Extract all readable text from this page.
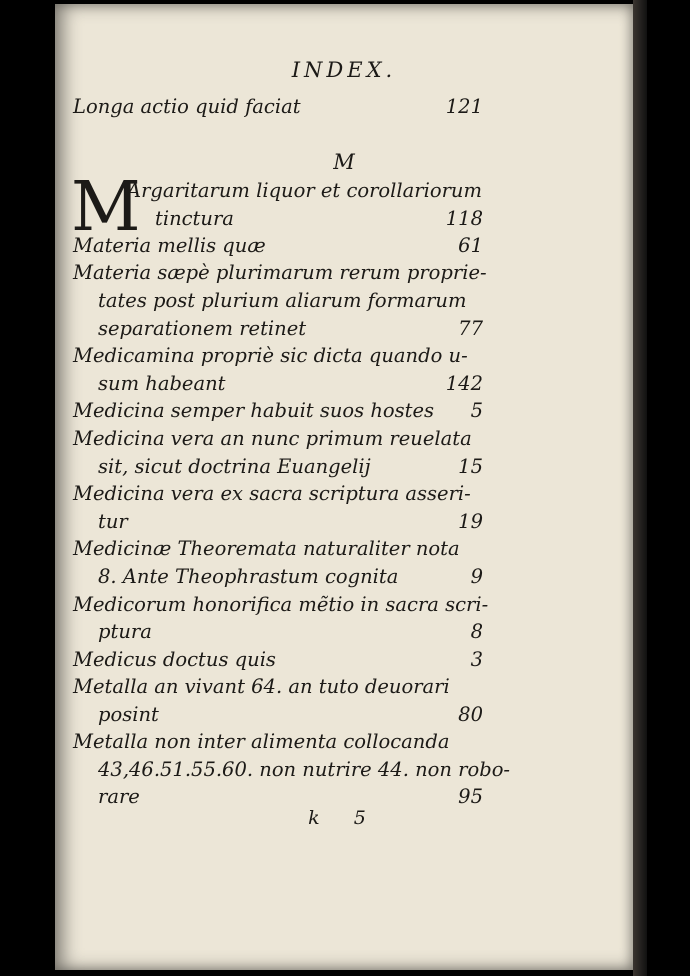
INDEX.
Longa actio quid faciat	121
M
M
Argaritarum liquor et corollariorum
tinctura	118
Materia mellis quæ	61
Materia sæpè plurimarum rerum proprie-
tates post plurium aliarum formarum
separationem retinet	77
Medicamina propriè sic dicta quando u-
sum habeant	142
Medicina semper habuit suos hostes 5
Medicina vera an nunc primum reuelata
sit, sicut doctrina Euangelij	15
Medicina vera ex sacra scriptura asseri-
tur	19
Medicinæ Theoremata naturaliter nota
8. Ante Theophrastum cognita	9
Medicorum honorifica mẽtio in sacra scri-
ptura	8
Medicus doctus quis	3
Metalla an vivant 64. an tuto deuorari
posint	80
Metalla non inter alimenta collocanda
43,46.51.55.60. non nutrire 44. non robo-
rare	95
k 5
